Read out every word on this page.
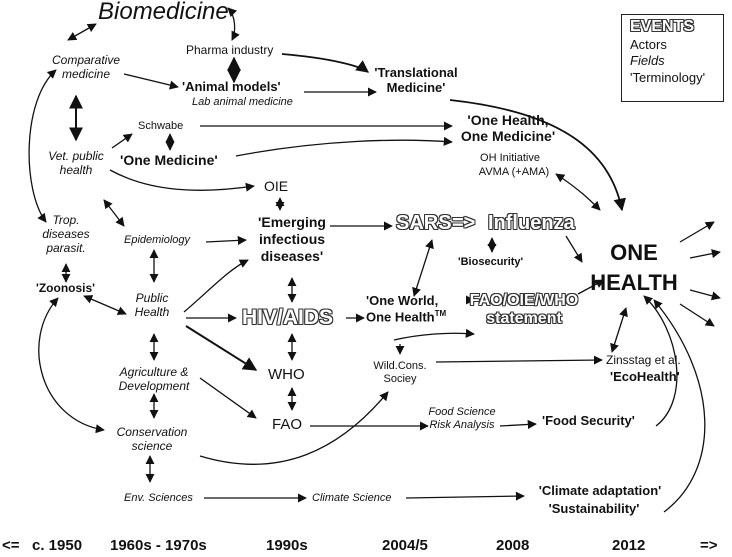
EVENTS
Actors
Fields
'Terminology'
Biomedicine
Pharma industry
Comparative
medicine
'Animal models'
Lab animal medicine
'Translational
Medicine'
Schwabe
'One Medicine'
'One Health,
One Medicine'
OH Initiative
AVMA (+AMA)
Vet. public
health
OIE
Trop.
diseases
parasit.
Epidemiology
'Emerging
infectious
diseases'
SARS => Influenza
ONE
HEALTH
'Biosecurity'
'Zoonosis'
Public
Health	HIV/AIDS
'One World,
One Health™
FAO/OIE/WHO
statement
WHO
Agriculture &
Development
Wild.Cons.
Sociey
Zinsstag et al.
'EcoHealth'
FAO
Food Science
Risk Analysis	'Food Security'
Conservation
science
Env. Sciences	Climate Science	'Climate adaptation'
'Sustainability'
<= c. 1950 1960s - 1970s	1990s	2004/5	2008	2012	=>
